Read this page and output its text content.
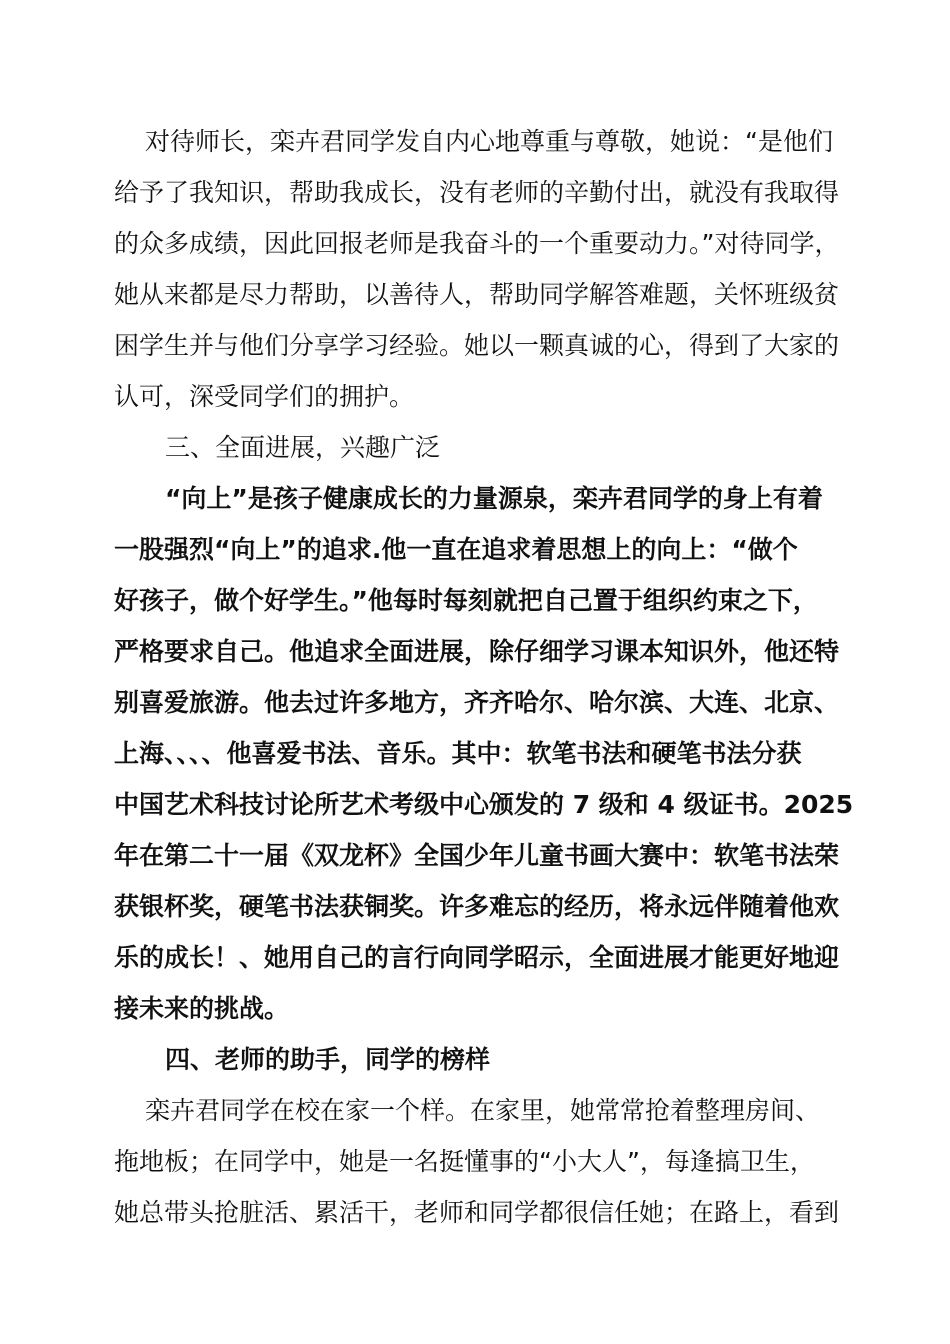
对待师长，栾卉君同学发自内心地尊重与尊敬，她说：“是他们
给予了我知识，帮助我成长，没有老师的辛勤付出，就没有我取得
的众多成绩，因此回报老师是我奋斗的一个重要动力。”对待同学，
她从来都是尽力帮助，以善待人，帮助同学解答难题，关怀班级贫
困学生并与他们分享学习经验。她以一颗真诚的心，得到了大家的
认可，深受同学们的拥护。
三、全面进展，兴趣广泛
“向上”是孩子健康成长的力量源泉，栾卉君同学的身上有着
一股强烈“向上”的追求.他一直在追求着思想上的向上：“做个
好孩子，做个好学生。”他每时每刻就把自己置于组织约束之下，
严格要求自己。他追求全面进展，除仔细学习课本知识外，他还特
别喜爱旅游。他去过许多地方，齐齐哈尔、哈尔滨、大连、北京、
上海、、、、他喜爱书法、音乐。其中：软笔书法和硬笔书法分获
中国艺术科技讨论所艺术考级中心颁发的 7 级和 4 级证书。2025
年在第二十一届《双龙杯》全国少年儿童书画大赛中：软笔书法荣
获银杯奖，硬笔书法获铜奖。许多难忘的经历，将永远伴随着他欢
乐的成长！、她用自己的言行向同学昭示，全面进展才能更好地迎
接未来的挑战。
四、老师的助手，同学的榜样
栾卉君同学在校在家一个样。在家里，她常常抢着整理房间、
拖地板；在同学中，她是一名挺懂事的“小大人”，每逢搞卫生，
她总带头抢脏活、累活干，老师和同学都很信任她；在路上，看到
